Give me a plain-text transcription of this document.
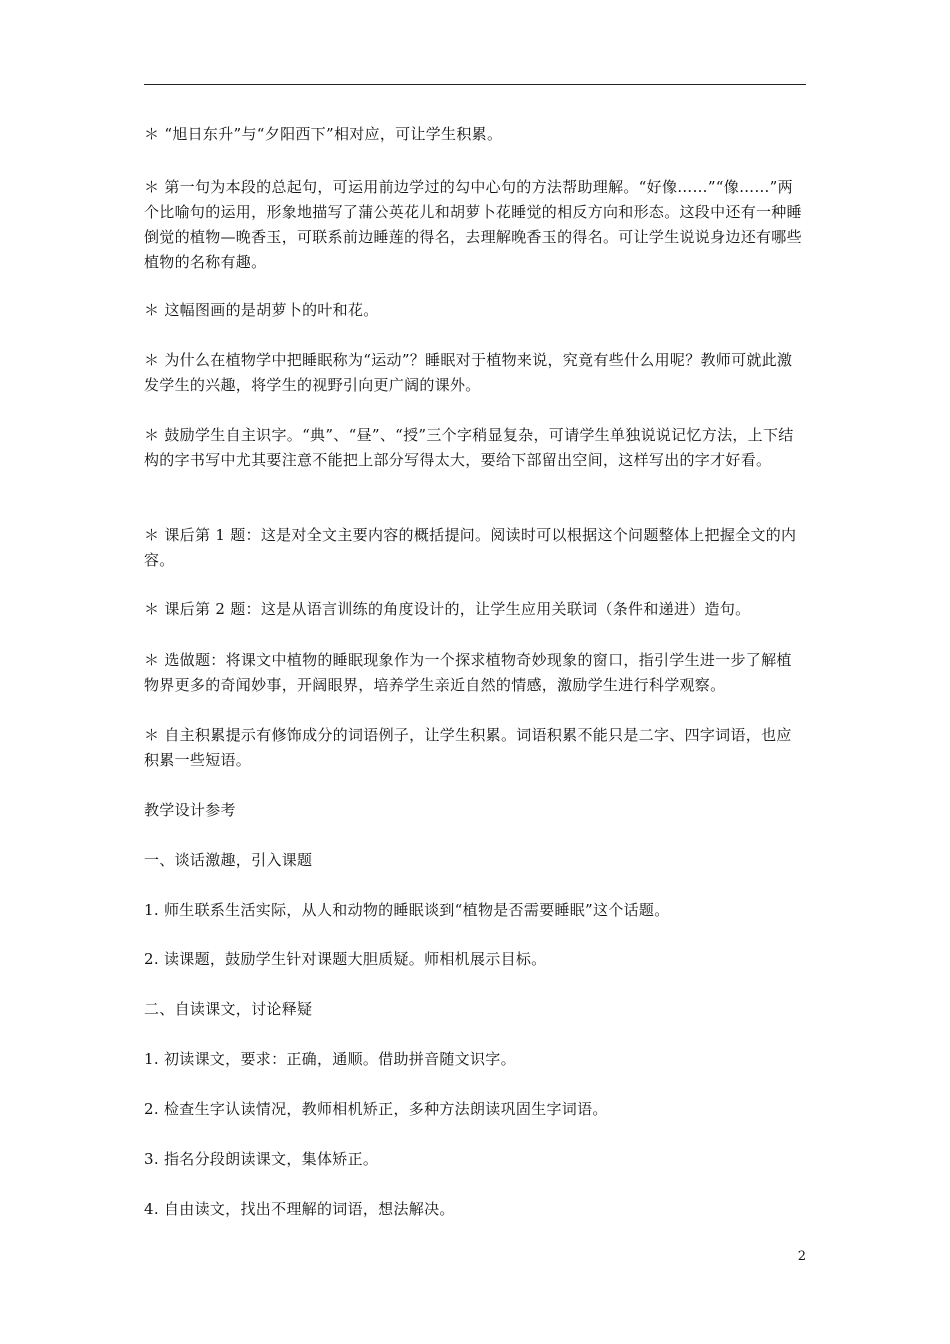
＊ “旭日东升”与“夕阳西下”相对应，可让学生积累。

＊ 第一句为本段的总起句，可运用前边学过的勾中心句的方法帮助理解。“好像……”“像……”两个比喻句的运用，形象地描写了蒲公英花儿和胡萝卜花睡觉的相反方向和形态。这段中还有一种睡倒觉的植物—晚香玉，可联系前边睡莲的得名，去理解晚香玉的得名。可让学生说说身边还有哪些植物的名称有趣。

＊ 这幅图画的是胡萝卜的叶和花。

＊ 为什么在植物学中把睡眠称为“运动”？睡眠对于植物来说，究竟有些什么用呢？教师可就此激发学生的兴趣，将学生的视野引向更广阔的课外。

＊ 鼓励学生自主识字。“典”、“昼”、“授”三个字稍显复杂，可请学生单独说说记忆方法，上下结构的字书写中尤其要注意不能把上部分写得太大，要给下部留出空间，这样写出的字才好看。

＊ 课后第 1 题：这是对全文主要内容的概括提问。阅读时可以根据这个问题整体上把握全文的内容。

＊ 课后第 2 题：这是从语言训练的角度设计的，让学生应用关联词（条件和递进）造句。

＊ 选做题：将课文中植物的睡眠现象作为一个探求植物奇妙现象的窗口，指引学生进一步了解植物界更多的奇闻妙事，开阔眼界，培养学生亲近自然的情感，激励学生进行科学观察。

＊ 自主积累提示有修饰成分的词语例子，让学生积累。词语积累不能只是二字、四字词语，也应积累一些短语。

教学设计参考

一、谈话激趣，引入课题

1. 师生联系生活实际，从人和动物的睡眠谈到“植物是否需要睡眠”这个话题。

2. 读课题，鼓励学生针对课题大胆质疑。师相机展示目标。

二、自读课文，讨论释疑

1. 初读课文，要求：正确，通顺。借助拼音随文识字。

2. 检查生字认读情况，教师相机矫正，多种方法朗读巩固生字词语。

3. 指名分段朗读课文，集体矫正。

4. 自由读文，找出不理解的词语，想法解决。

2
